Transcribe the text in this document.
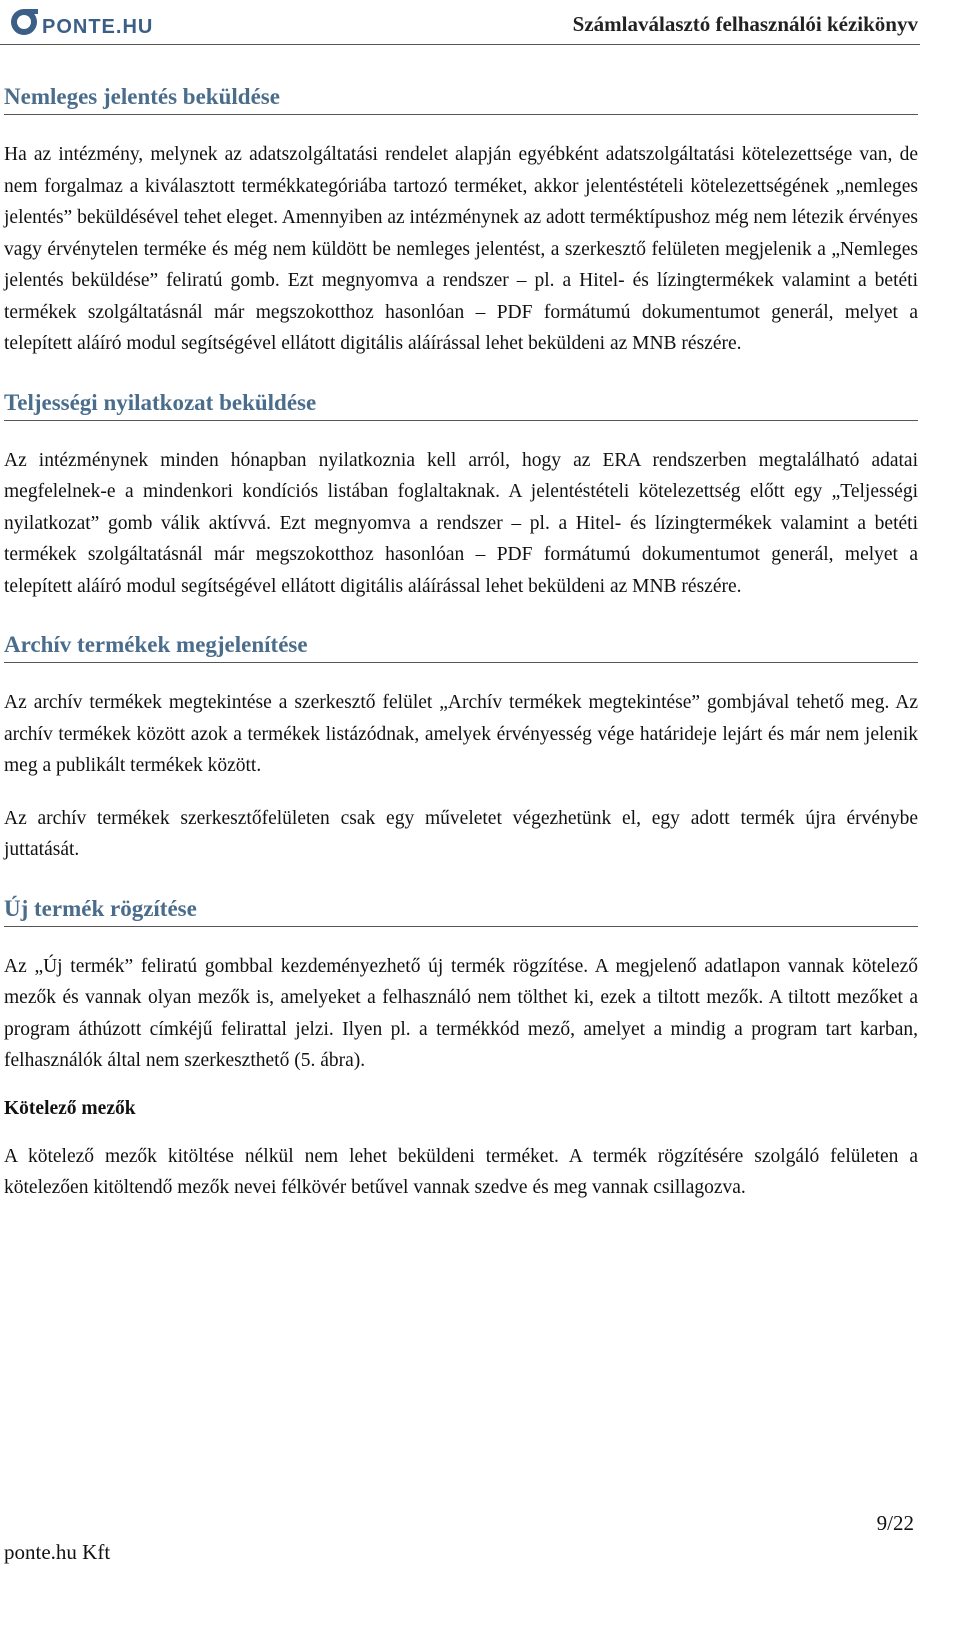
PONTE.HU	Számlaválasztó felhasználói kézikönyv
Nemleges jelentés beküldése

Ha az intézmény, melynek az adatszolgáltatási rendelet alapján egyébként adatszolgáltatási kötelezettsége van, de nem forgalmaz a kiválasztott termékkategóriába tartozó terméket, akkor jelentéstételi kötelezettségének „nemleges jelentés” beküldésével tehet eleget. Amennyiben az intézménynek az adott terméktípushoz még nem létezik érvényes vagy érvénytelen terméke és még nem küldött be nemleges jelentést, a szerkesztő felületen megjelenik a „Nemleges jelentés beküldése” feliratú gomb. Ezt megnyomva a rendszer – pl. a Hitel- és lízingtermékek valamint a betéti termékek szolgáltatásnál már megszokotthoz hasonlóan – PDF formátumú dokumentumot generál, melyet a telepített aláíró modul segítségével ellátott digitális aláírással lehet beküldeni az MNB részére.

Teljességi nyilatkozat beküldése

Az intézménynek minden hónapban nyilatkoznia kell arról, hogy az ERA rendszerben megtalálható adatai megfelelnek-e a mindenkori kondíciós listában foglaltaknak. A jelentéstételi kötelezettség előtt egy „Teljességi nyilatkozat” gomb válik aktívvá. Ezt megnyomva a rendszer – pl. a Hitel- és lízingtermékek valamint a betéti termékek szolgáltatásnál már megszokotthoz hasonlóan – PDF formátumú dokumentumot generál, melyet a telepített aláíró modul segítségével ellátott digitális aláírással lehet beküldeni az MNB részére.

Archív termékek megjelenítése

Az archív termékek megtekintése a szerkesztő felület „Archív termékek megtekintése” gombjával tehető meg. Az archív termékek között azok a termékek listázódnak, amelyek érvényesség vége határideje lejárt és már nem jelenik meg a publikált termékek között.

Az archív termékek szerkesztőfelületen csak egy műveletet végezhetünk el, egy adott termék újra érvénybe juttatását.

Új termék rögzítése

Az „Új termék” feliratú gombbal kezdeményezhető új termék rögzítése. A megjelenő adatlapon vannak kötelező mezők és vannak olyan mezők is, amelyeket a felhasználó nem tölthet ki, ezek a tiltott mezők. A tiltott mezőket a program áthúzott címkéjű felirattal jelzi. Ilyen pl. a termékkód mező, amelyet a mindig a program tart karban, felhasználók által nem szerkeszthető (5. ábra).

Kötelező mezők

A kötelező mezők kitöltése nélkül nem lehet beküldeni terméket. A termék rögzítésére szolgáló felületen a kötelezően kitöltendő mezők nevei félkövér betűvel vannak szedve és meg vannak csillagozva.

9/22
ponte.hu Kft
